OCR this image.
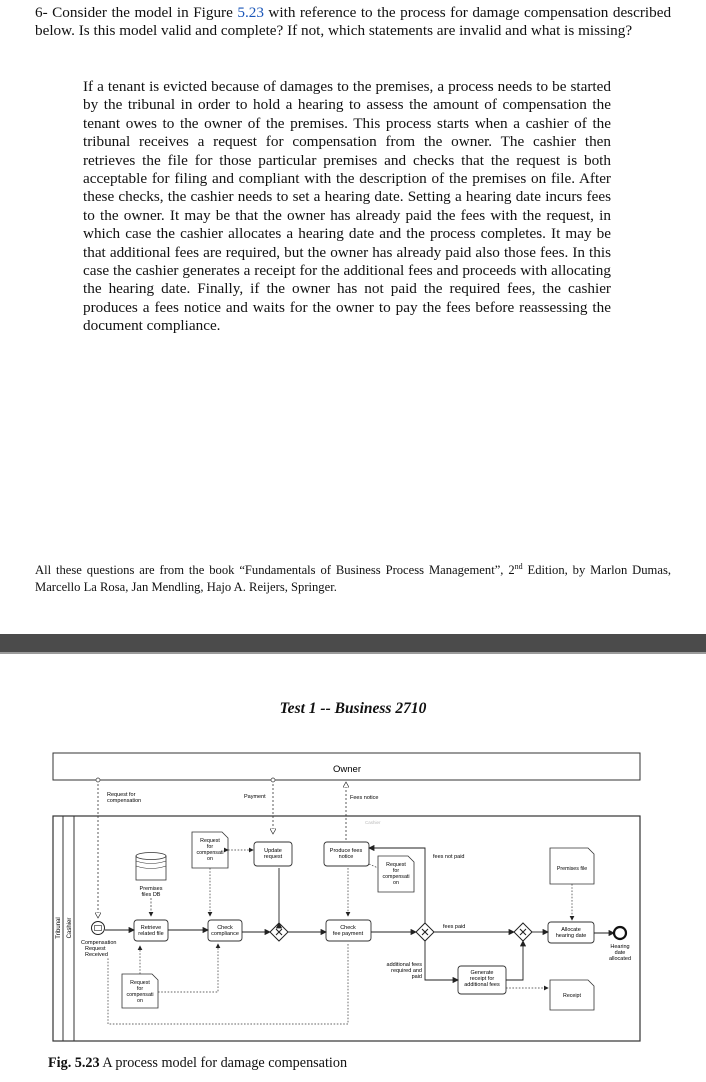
6- Consider the model in Figure 5.23 with reference to the process for damage compensation described below. Is this model valid and complete? If not, which statements are invalid and what is missing?
If a tenant is evicted because of damages to the premises, a process needs to be started by the tribunal in order to hold a hearing to assess the amount of compensation the tenant owes to the owner of the premises. This process starts when a cashier of the tribunal receives a request for compensation from the owner. The cashier then retrieves the file for those particular premises and checks that the request is both acceptable for filing and compliant with the description of the premises on file. After these checks, the cashier needs to set a hearing date. Setting a hearing date incurs fees to the owner. It may be that the owner has already paid the fees with the request, in which case the cashier allocates a hearing date and the process completes. It may be that additional fees are required, but the owner has already paid also those fees. In this case the cashier generates a receipt for the additional fees and proceeds with allocating the hearing date. Finally, if the owner has not paid the required fees, the cashier produces a fees notice and waits for the owner to pay the fees before reassessing the document compliance.
All these questions are from the book “Fundamentals of Business Process Management”, 2nd Edition, by Marlon Dumas, Marcello La Rosa, Jan Mendling, Hajo A. Reijers, Springer.
Test 1 -- Business 2710
Owner
Tribunal Cashier
Cashier
Request for
compensation
Payment	Fees notice
Compensation
Request
Received
Premises
files DB
Retrieve
related file
Check
compliance
Update
request
Produce fees
notice
Check
fee payment
Generate
receipt for
additional fees
Allocate
hearing date
fees not paid
fees paid
additional fees
required and
paid
Request
for
compensati
on
Request
for
compensati
on
Request
for
compensati
on
Premises file
Receipt
Hearing
date
allocated
Fig. 5.23 A process model for damage compensation
